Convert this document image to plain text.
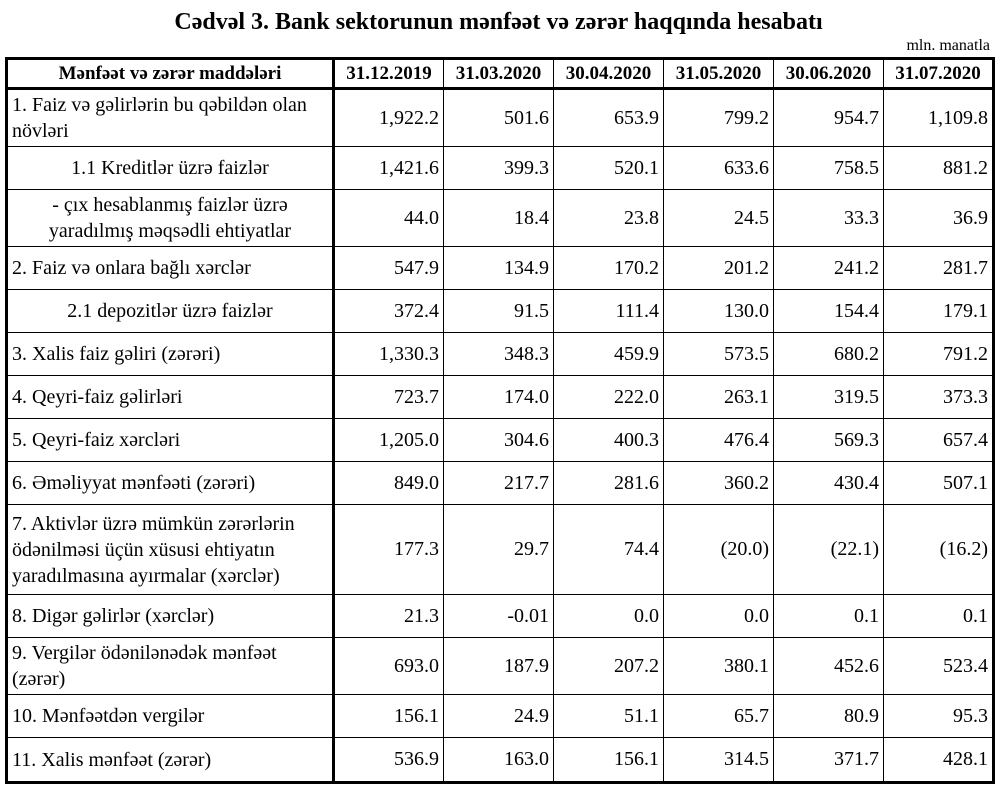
Cədvəl 3. Bank sektorunun mənfəət və zərər haqqında hesabatı
mln. manatla
Mənfəət və zərər maddələri	31.12.2019	31.03.2020	30.04.2020	31.05.2020	30.06.2020	31.07.2020
1. Faiz və gəlirlərin bu qəbildən olan növləri	1,922.2	501.6	653.9	799.2	954.7	1,109.8
1.1 Kreditlər üzrə faizlər	1,421.6	399.3	520.1	633.6	758.5	881.2
- çıx hesablanmış faizlər üzrə yaradılmış məqsədli ehtiyatlar	44.0	18.4	23.8	24.5	33.3	36.9
2. Faiz və onlara bağlı xərclər	547.9	134.9	170.2	201.2	241.2	281.7
2.1 depozitlər üzrə faizlər	372.4	91.5	111.4	130.0	154.4	179.1
3. Xalis faiz gəliri (zərəri)	1,330.3	348.3	459.9	573.5	680.2	791.2
4. Qeyri-faiz gəlirləri	723.7	174.0	222.0	263.1	319.5	373.3
5. Qeyri-faiz xərcləri	1,205.0	304.6	400.3	476.4	569.3	657.4
6. Əməliyyat mənfəəti (zərəri)	849.0	217.7	281.6	360.2	430.4	507.1
7. Aktivlər üzrə mümkün zərərlərin ödənilməsi üçün xüsusi ehtiyatın yaradılmasına ayırmalar (xərclər)	177.3	29.7	74.4	(20.0)	(22.1)	(16.2)
8. Digər gəlirlər (xərclər)	21.3	-0.01	0.0	0.0	0.1	0.1
9. Vergilər ödənilənədək mənfəət (zərər)	693.0	187.9	207.2	380.1	452.6	523.4
10. Mənfəətdən vergilər	156.1	24.9	51.1	65.7	80.9	95.3
11. Xalis mənfəət (zərər)	536.9	163.0	156.1	314.5	371.7	428.1
